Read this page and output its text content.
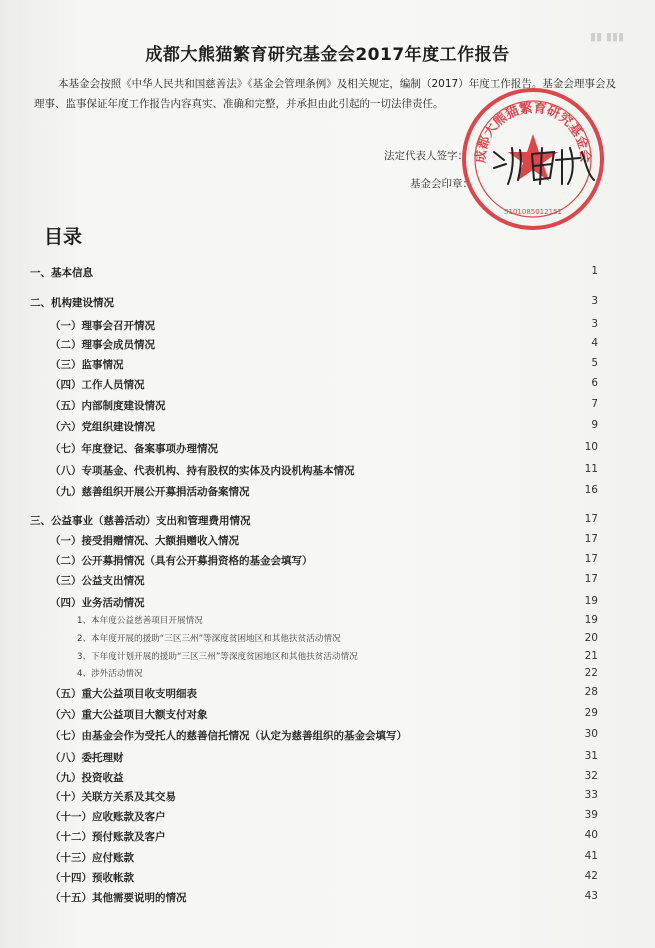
▮▮▮ ▮▮
成都大熊猫繁育研究基金会2017年度工作报告
本基金会按照《中华人民共和国慈善法》《基金会管理条例》及相关规定，编制（2017）年度工作报告。基金会理事会及理事、监事保证年度工作报告内容真实、准确和完整，并承担由此引起的一切法律责任。
成都大熊猫繁育研究基金会
5101085012151
法定代表人签字：
基金会印章：
目录
一、基本信息	1
二、机构建设情况	3
（一）理事会召开情况	3
（二）理事会成员情况	4
（三）监事情况	5
（四）工作人员情况	6
（五）内部制度建设情况	7
（六）党组织建设情况	9
（七）年度登记、备案事项办理情况	10
（八）专项基金、代表机构、持有股权的实体及内设机构基本情况	11
（九）慈善组织开展公开募捐活动备案情况	16
三、公益事业（慈善活动）支出和管理费用情况	17
（一）接受捐赠情况、大额捐赠收入情况	17
（二）公开募捐情况（具有公开募捐资格的基金会填写）	17
（三）公益支出情况	17
（四）业务活动情况	19
1、本年度公益慈善项目开展情况	19
2、本年度开展的援助“三区三州”等深度贫困地区和其他扶贫活动情况	20
3、下年度计划开展的援助“三区三州”等深度贫困地区和其他扶贫活动情况	21
4、涉外活动情况	22
（五）重大公益项目收支明细表	28
（六）重大公益项目大额支付对象	29
（七）由基金会作为受托人的慈善信托情况（认定为慈善组织的基金会填写）	30
（八）委托理财	31
（九）投资收益	32
（十）关联方关系及其交易	33
（十一）应收账款及客户	39
（十二）预付账款及客户	40
（十三）应付账款	41
（十四）预收帐款	42
（十五）其他需要说明的情况	43
